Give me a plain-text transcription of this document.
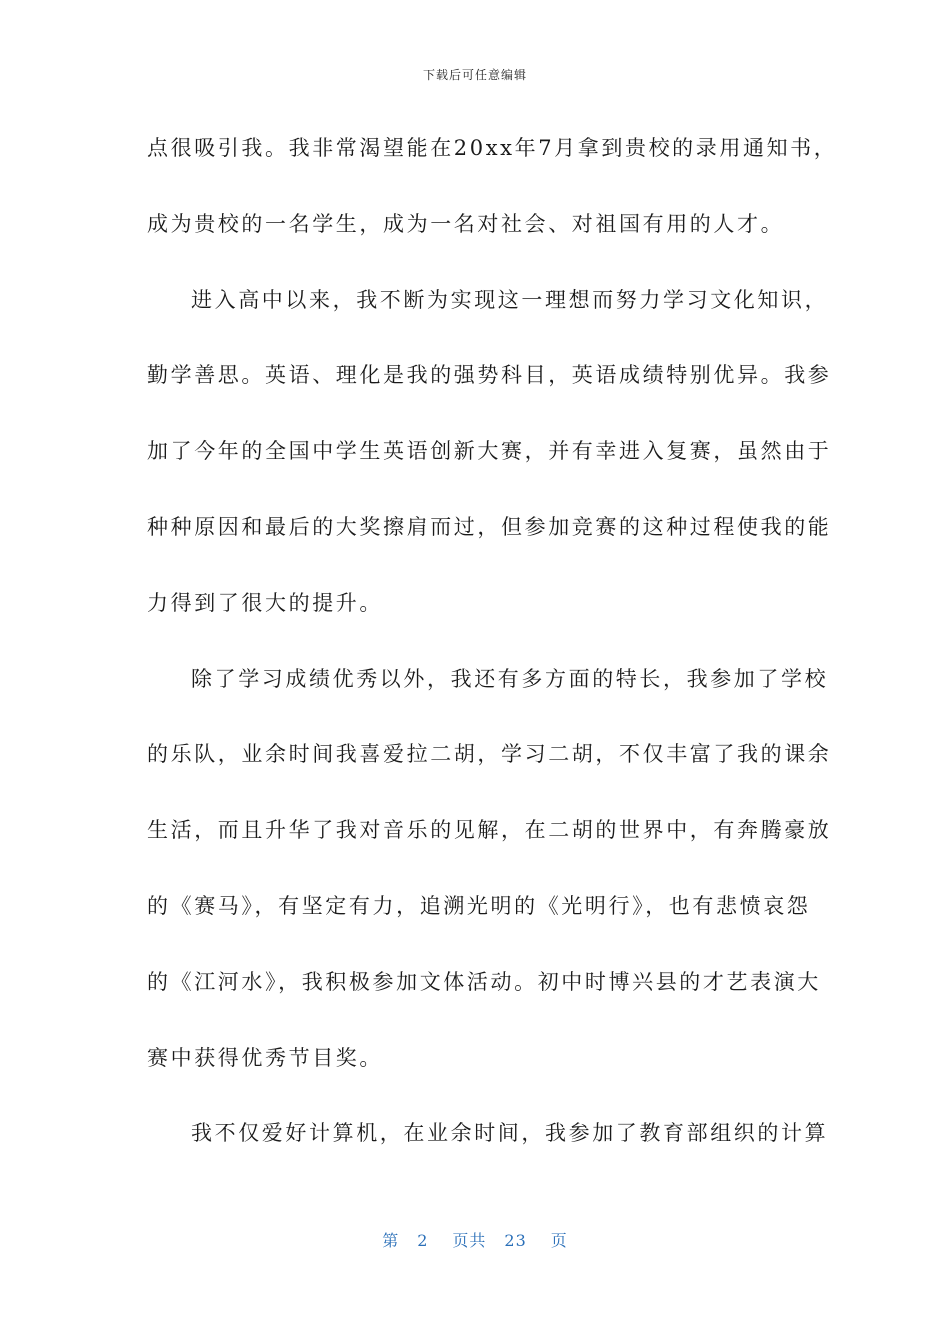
下载后可任意编辑
点很吸引我。我非常渴望能在20xx年7月拿到贵校的录用通知书，
成为贵校的一名学生，成为一名对社会、对祖国有用的人才。
进入高中以来，我不断为实现这一理想而努力学习文化知识，
勤学善思。英语、理化是我的强势科目，英语成绩特别优异。我参
加了今年的全国中学生英语创新大赛，并有幸进入复赛，虽然由于
种种原因和最后的大奖擦肩而过，但参加竞赛的这种过程使我的能
力得到了很大的提升。
除了学习成绩优秀以外，我还有多方面的特长，我参加了学校
的乐队，业余时间我喜爱拉二胡，学习二胡，不仅丰富了我的课余
生活，而且升华了我对音乐的见解，在二胡的世界中，有奔腾豪放
的《赛马》，有坚定有力，追溯光明的《光明行》，也有悲愤哀怨
的《江河水》，我积极参加文体活动。初中时博兴县的才艺表演大
赛中获得优秀节目奖。
我不仅爱好计算机，在业余时间，我参加了教育部组织的计算
第 2 页共 23 页
